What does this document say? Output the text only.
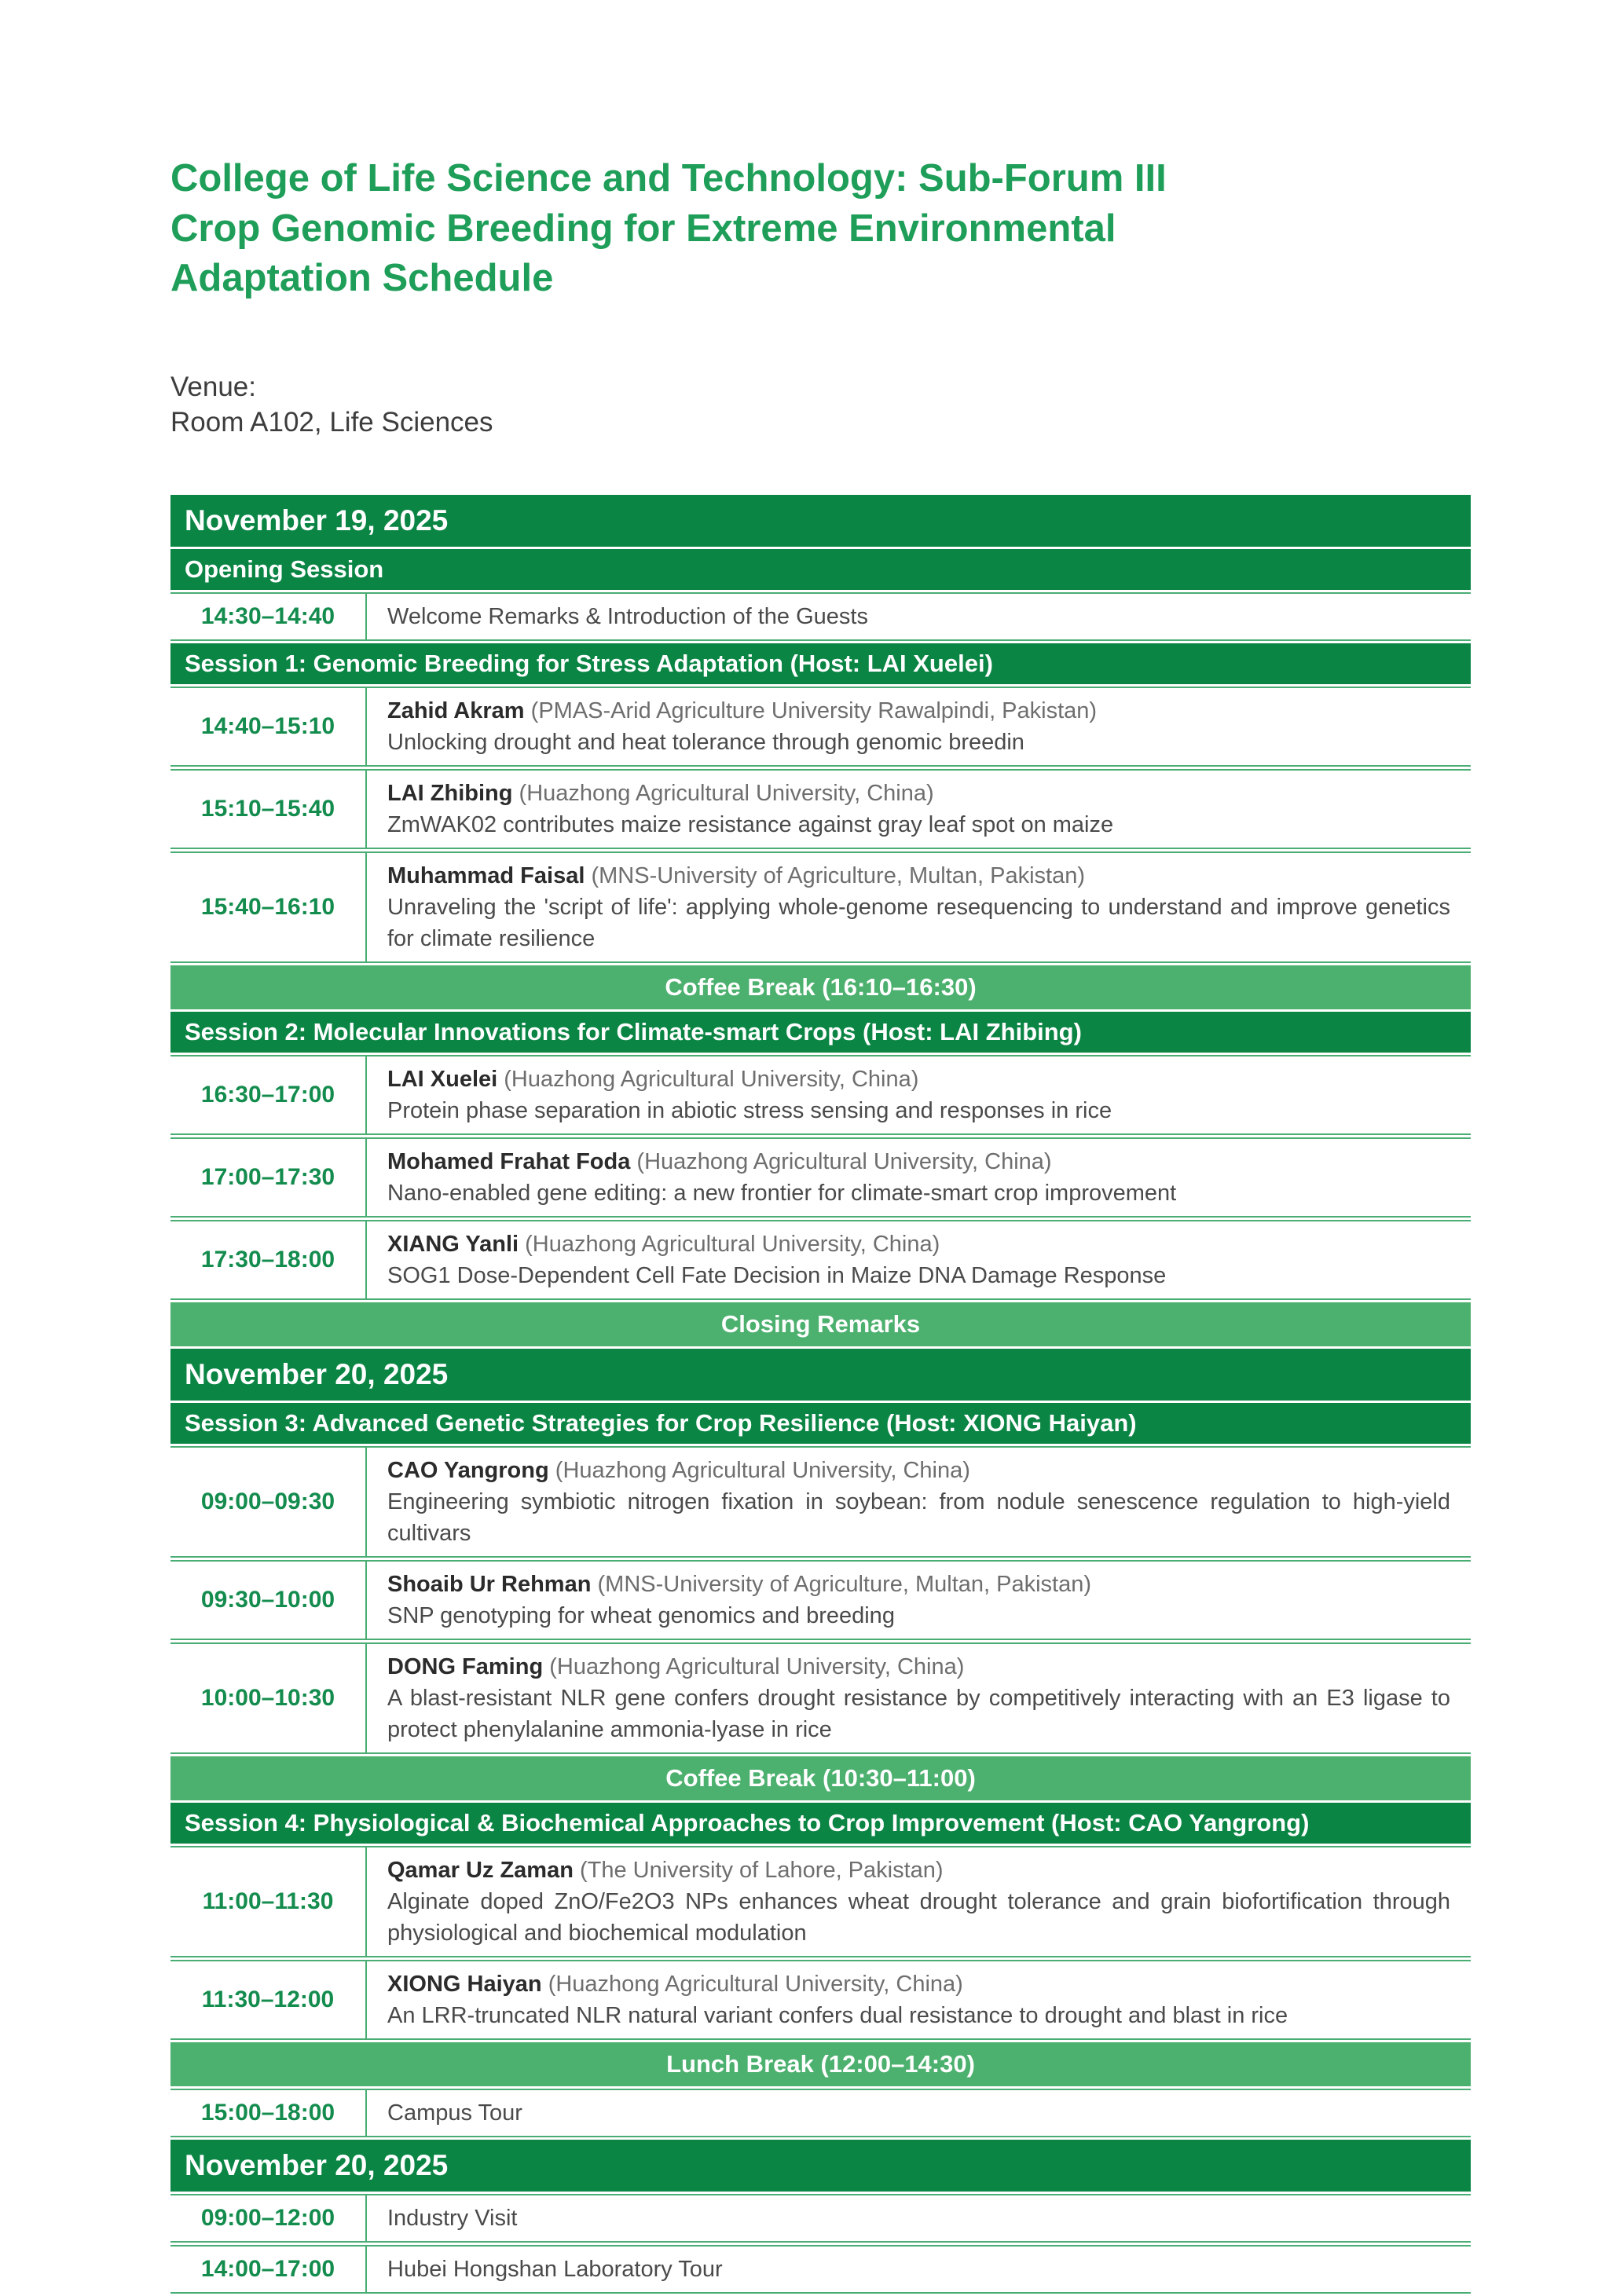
College of Life Science and Technology: Sub-Forum III
Crop Genomic Breeding for Extreme Environmental
Adaptation Schedule
Venue:
Room A102, Life Sciences
November 19, 2025	
Opening Session	
14:30–14:40	Welcome Remarks & Introduction of the Guests
Session 1: Genomic Breeding for Stress Adaptation (Host: LAI Xuelei)	
14:40–15:10	Zahid Akram (PMAS-Arid Agriculture University Rawalpindi, Pakistan)
Unlocking drought and heat tolerance through genomic breedin

15:10–15:40	LAI Zhibing (Huazhong Agricultural University, China)
ZmWAK02 contributes maize resistance against gray leaf spot on maize

15:40–16:10	Muhammad Faisal (MNS-University of Agriculture, Multan, Pakistan)
Unraveling the 'script of life': applying whole-genome resequencing to understand and improve genetics for climate resilience

Coffee Break (16:10–16:30)	
Session 2: Molecular Innovations for Climate-smart Crops (Host: LAI Zhibing)	
16:30–17:00	LAI Xuelei (Huazhong Agricultural University, China)
Protein phase separation in abiotic stress sensing and responses in rice

17:00–17:30	Mohamed Frahat Foda (Huazhong Agricultural University, China)
Nano-enabled gene editing: a new frontier for climate-smart crop improvement

17:30–18:00	XIANG Yanli (Huazhong Agricultural University, China)
SOG1 Dose-Dependent Cell Fate Decision in Maize DNA Damage Response

Closing Remarks	
November 20, 2025	
Session 3: Advanced Genetic Strategies for Crop Resilience (Host: XIONG Haiyan)	
09:00–09:30	CAO Yangrong (Huazhong Agricultural University, China)
Engineering symbiotic nitrogen fixation in soybean: from nodule senescence regulation to high-yield cultivars

09:30–10:00	Shoaib Ur Rehman (MNS-University of Agriculture, Multan, Pakistan)
SNP genotyping for wheat genomics and breeding

10:00–10:30	DONG Faming (Huazhong Agricultural University, China)
A blast-resistant NLR gene confers drought resistance by competitively interacting with an E3 ligase to protect phenylalanine ammonia-lyase in rice

Coffee Break (10:30–11:00)	
Session 4: Physiological & Biochemical Approaches to Crop Improvement (Host: CAO Yangrong)	
11:00–11:30	Qamar Uz Zaman (The University of Lahore, Pakistan)
Alginate doped ZnO/Fe2O3 NPs enhances wheat drought tolerance and grain biofortification through physiological and biochemical modulation

11:30–12:00	XIONG Haiyan (Huazhong Agricultural University, China)
An LRR-truncated NLR natural variant confers dual resistance to drought and blast in rice

Lunch Break (12:00–14:30)	
15:00–18:00	Campus Tour
November 20, 2025	
09:00–12:00	Industry Visit
14:00–17:00	Hubei Hongshan Laboratory Tour
